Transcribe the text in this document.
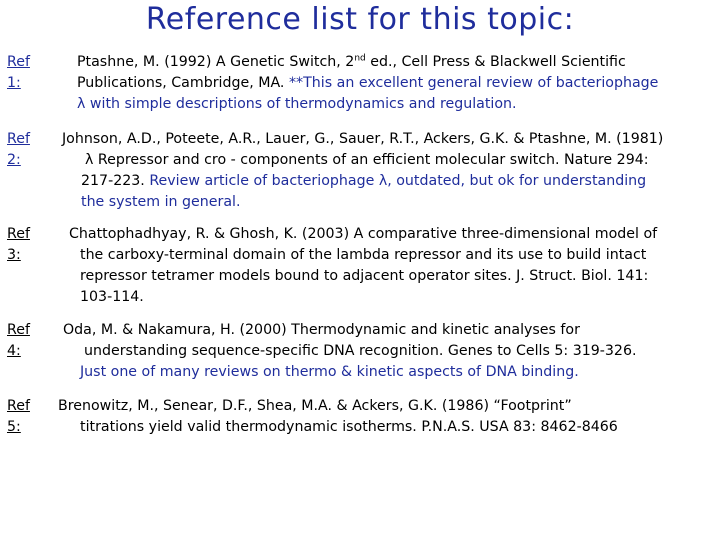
Reference list for this topic:
Ref 1:
Ptashne, M. (1992) A Genetic Switch, 2nd ed., Cell Press & Blackwell Scientific
Publications, Cambridge, MA. **This an excellent general review of bacteriophage
λ with simple descriptions of thermodynamics and regulation.
Ref 2:
Johnson, A.D., Poteete, A.R., Lauer, G., Sauer, R.T., Ackers, G.K. & Ptashne, M. (1981)
λ Repressor and cro - components of an efficient molecular switch. Nature 294:
217-223. Review article of bacteriophage λ, outdated, but ok for understanding
the system in general.
Ref 3:
Chattophadhyay, R. & Ghosh, K. (2003) A comparative three-dimensional model of
the carboxy-terminal domain of the lambda repressor and its use to build intact
repressor tetramer models bound to adjacent operator sites. J. Struct. Biol. 141:
103-114.
Ref 4:
Oda, M. & Nakamura, H. (2000) Thermodynamic and kinetic analyses for
understanding sequence-specific DNA recognition. Genes to Cells 5: 319-326.
Just one of many reviews on thermo & kinetic aspects of DNA binding.
Ref 5:
Brenowitz, M., Senear, D.F., Shea, M.A. & Ackers, G.K. (1986) “Footprint”
titrations yield valid thermodynamic isotherms. P.N.A.S. USA 83: 8462-8466
